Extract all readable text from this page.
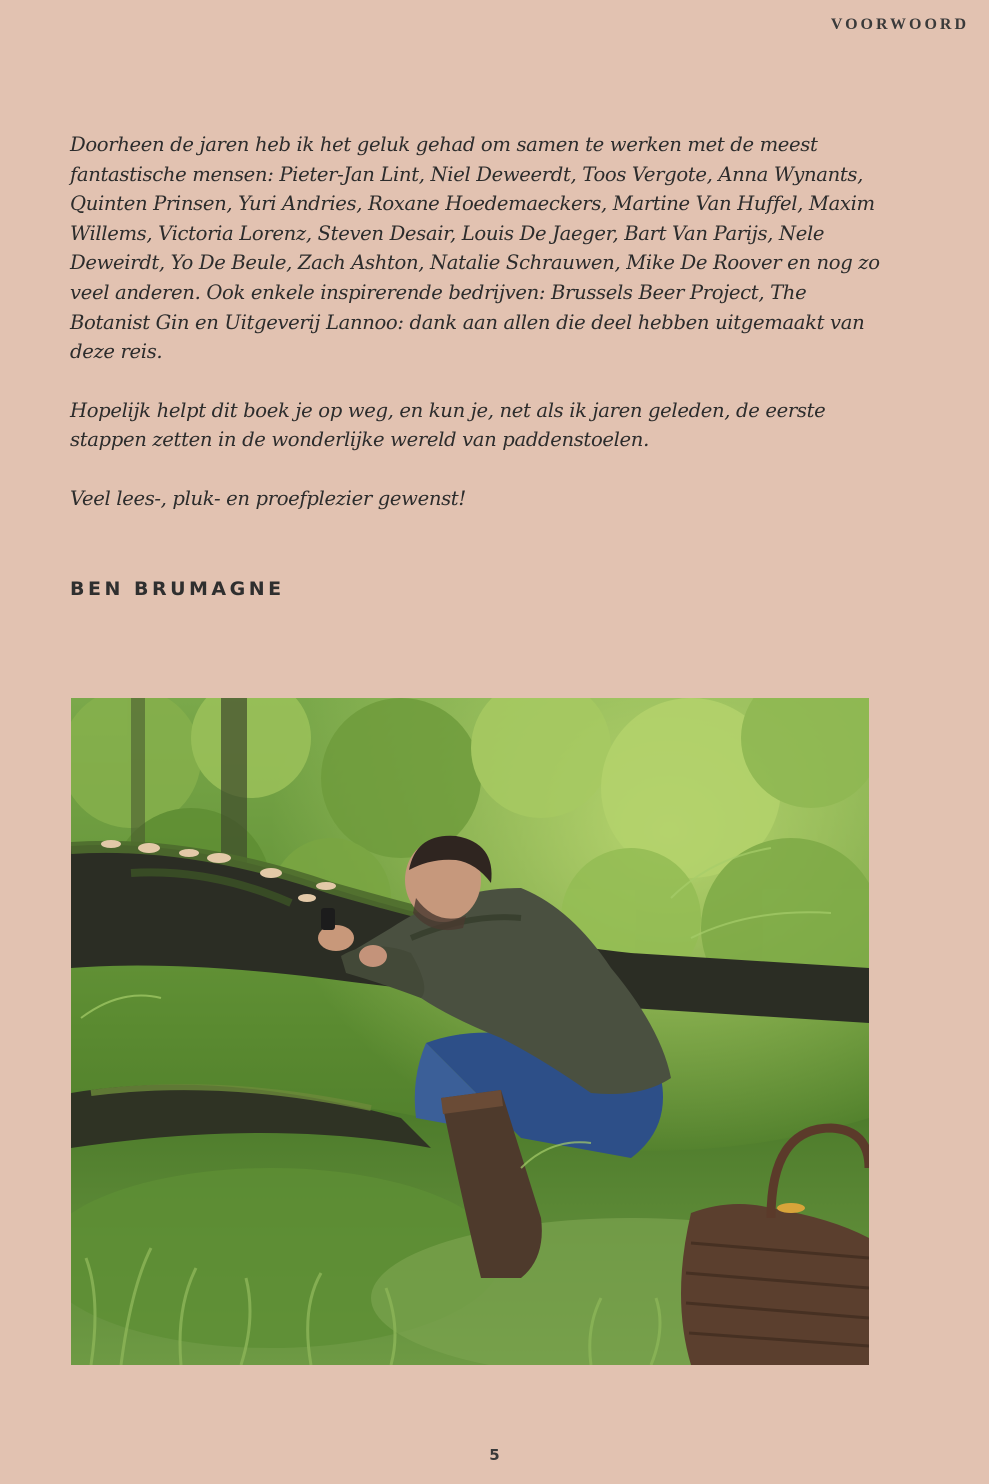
VOORWOORD

Doorheen de jaren heb ik het geluk gehad om samen te werken met de meest fantastische mensen: Pieter-Jan Lint, Niel Deweerdt, Toos Vergote, Anna Wynants, Quinten Prinsen, Yuri Andries, Roxane Hoedemaeckers, Martine Van Huffel, Maxim Willems, Victoria Lorenz, Steven Desair, Louis De Jaeger, Bart Van Parijs, Nele Deweirdt, Yo De Beule, Zach Ashton, Natalie Schrauwen, Mike De Roover en nog zo veel anderen. Ook enkele inspirerende bedrijven: Brussels Beer Project, The Botanist Gin en Uitgeverij Lannoo: dank aan allen die deel hebben uitgemaakt van deze reis.

Hopelijk helpt dit boek je op weg, en kun je, net als ik jaren geleden, de eerste stappen zetten in de wonderlijke wereld van paddenstoelen.

Veel lees-, pluk- en proefplezier gewenst!

BEN BRUMAGNE
5
